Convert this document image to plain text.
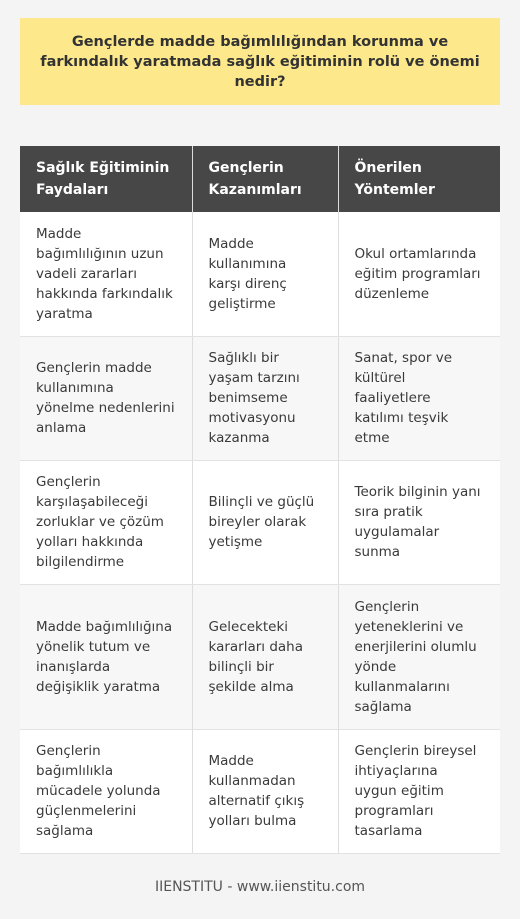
Gençlerde madde bağımlılığından korunma ve farkındalık yaratmada sağlık eğitiminin rolü ve önemi nedir?

Sağlık Eğitiminin Faydaları	Gençlerin Kazanımları	Önerilen Yöntemler
Madde bağımlılığının uzun vadeli zararları hakkında farkındalık yaratma	Madde kullanımına karşı direnç geliştirme	Okul ortamlarında eğitim programları düzenleme
Gençlerin madde kullanımına yönelme nedenlerini anlama	Sağlıklı bir yaşam tarzını benimseme motivasyonu kazanma	Sanat, spor ve kültürel faaliyetlere katılımı teşvik etme
Gençlerin karşılaşabileceği zorluklar ve çözüm yolları hakkında bilgilendirme	Bilinçli ve güçlü bireyler olarak yetişme	Teorik bilginin yanı sıra pratik uygulamalar sunma
Madde bağımlılığına yönelik tutum ve inanışlarda değişiklik yaratma	Gelecekteki kararları daha bilinçli bir şekilde alma	Gençlerin yeteneklerini ve enerjilerini olumlu yönde kullanmalarını sağlama
Gençlerin bağımlılıkla mücadele yolunda güçlenmelerini sağlama	Madde kullanmadan alternatif çıkış yolları bulma	Gençlerin bireysel ihtiyaçlarına uygun eğitim programları tasarlama
IIENSTITU - www.iienstitu.com
